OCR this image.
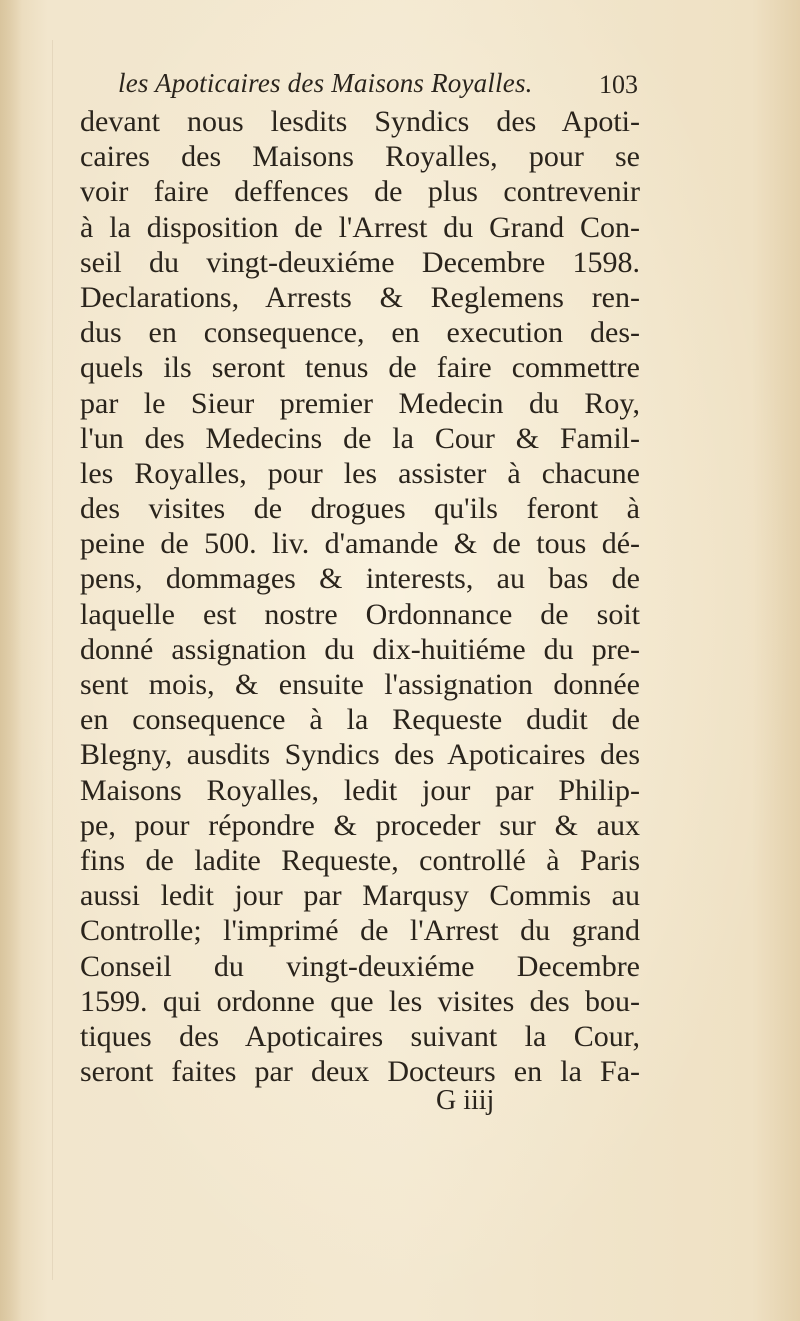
les Apoticaires des Maisons Royalles.	103
devant nous lesdits Syndics des Apoti-
caires des Maisons Royalles, pour se
voir faire deffences de plus contrevenir
à la disposition de l'Arrest du Grand Con-
seil du vingt-deuxiéme Decembre 1598.
Declarations, Arrests & Reglemens ren-
dus en consequence, en execution des-
quels ils seront tenus de faire commettre
par le Sieur premier Medecin du Roy,
l'un des Medecins de la Cour & Famil-
les Royalles, pour les assister à chacune
des visites de drogues qu'ils feront à
peine de 500. liv. d'amande & de tous dé-
pens, dommages & interests, au bas de
laquelle est nostre Ordonnance de soit
donné assignation du dix-huitiéme du pre-
sent mois, & ensuite l'assignation donnée
en consequence à la Requeste dudit de
Blegny, ausdits Syndics des Apoticaires des
Maisons Royalles, ledit jour par Philip-
pe, pour répondre & proceder sur & aux
fins de ladite Requeste, controllé à Paris
aussi ledit jour par Marqusy Commis au
Controlle; l'imprimé de l'Arrest du grand
Conseil du vingt-deuxiéme Decembre
1599. qui ordonne que les visites des bou-
tiques des Apoticaires suivant la Cour,
seront faites par deux Docteurs en la Fa-
G iiij
